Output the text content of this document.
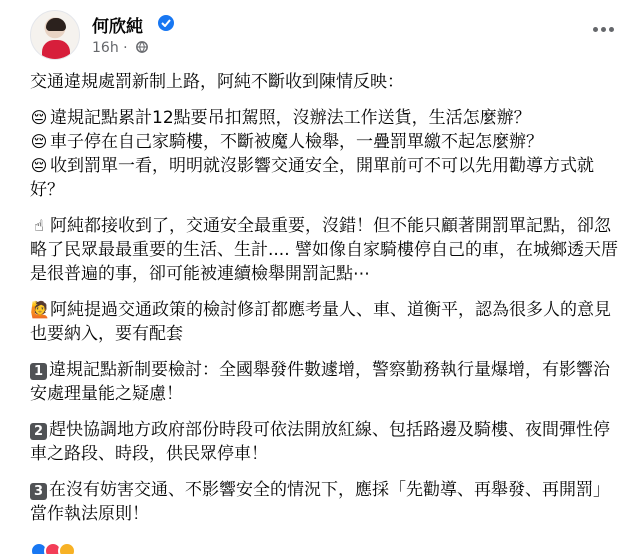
何欣純
16h ·

交通違規處罰新制上路，阿純不斷收到陳情反映：

😔 違規記點累計12點要吊扣駕照，沒辦法工作送貨，生活怎麼辦？
😔 車子停在自己家騎樓，不斷被魔人檢舉，一疊罰單繳不起怎麼辦？
😔 收到罰單一看，明明就沒影響交通安全，開單前可不可以先用勸導方式就好？

☝ 阿純都接收到了，交通安全最重要，沒錯！但不能只顧著開罰單記點，卻忽略了民眾最最重要的生活、生計.... 譬如像自家騎樓停自己的車，在城鄉透天厝是很普遍的事，卻可能被連續檢舉開罰記點⋯

🙋阿純提過交通政策的檢討修訂都應考量人、車、道衡平，認為很多人的意見也要納入，要有配套

1 違規記點新制要檢討：全國舉發件數遽增，警察勤務執行量爆增，有影響治安處理量能之疑慮！

2 趕快協調地方政府部份時段可依法開放紅線、包括路邊及騎樓、夜間彈性停車之路段、時段，供民眾停車！

3 在沒有妨害交通、不影響安全的情況下，應採「先勸導、再舉發、再開罰」當作執法原則！
